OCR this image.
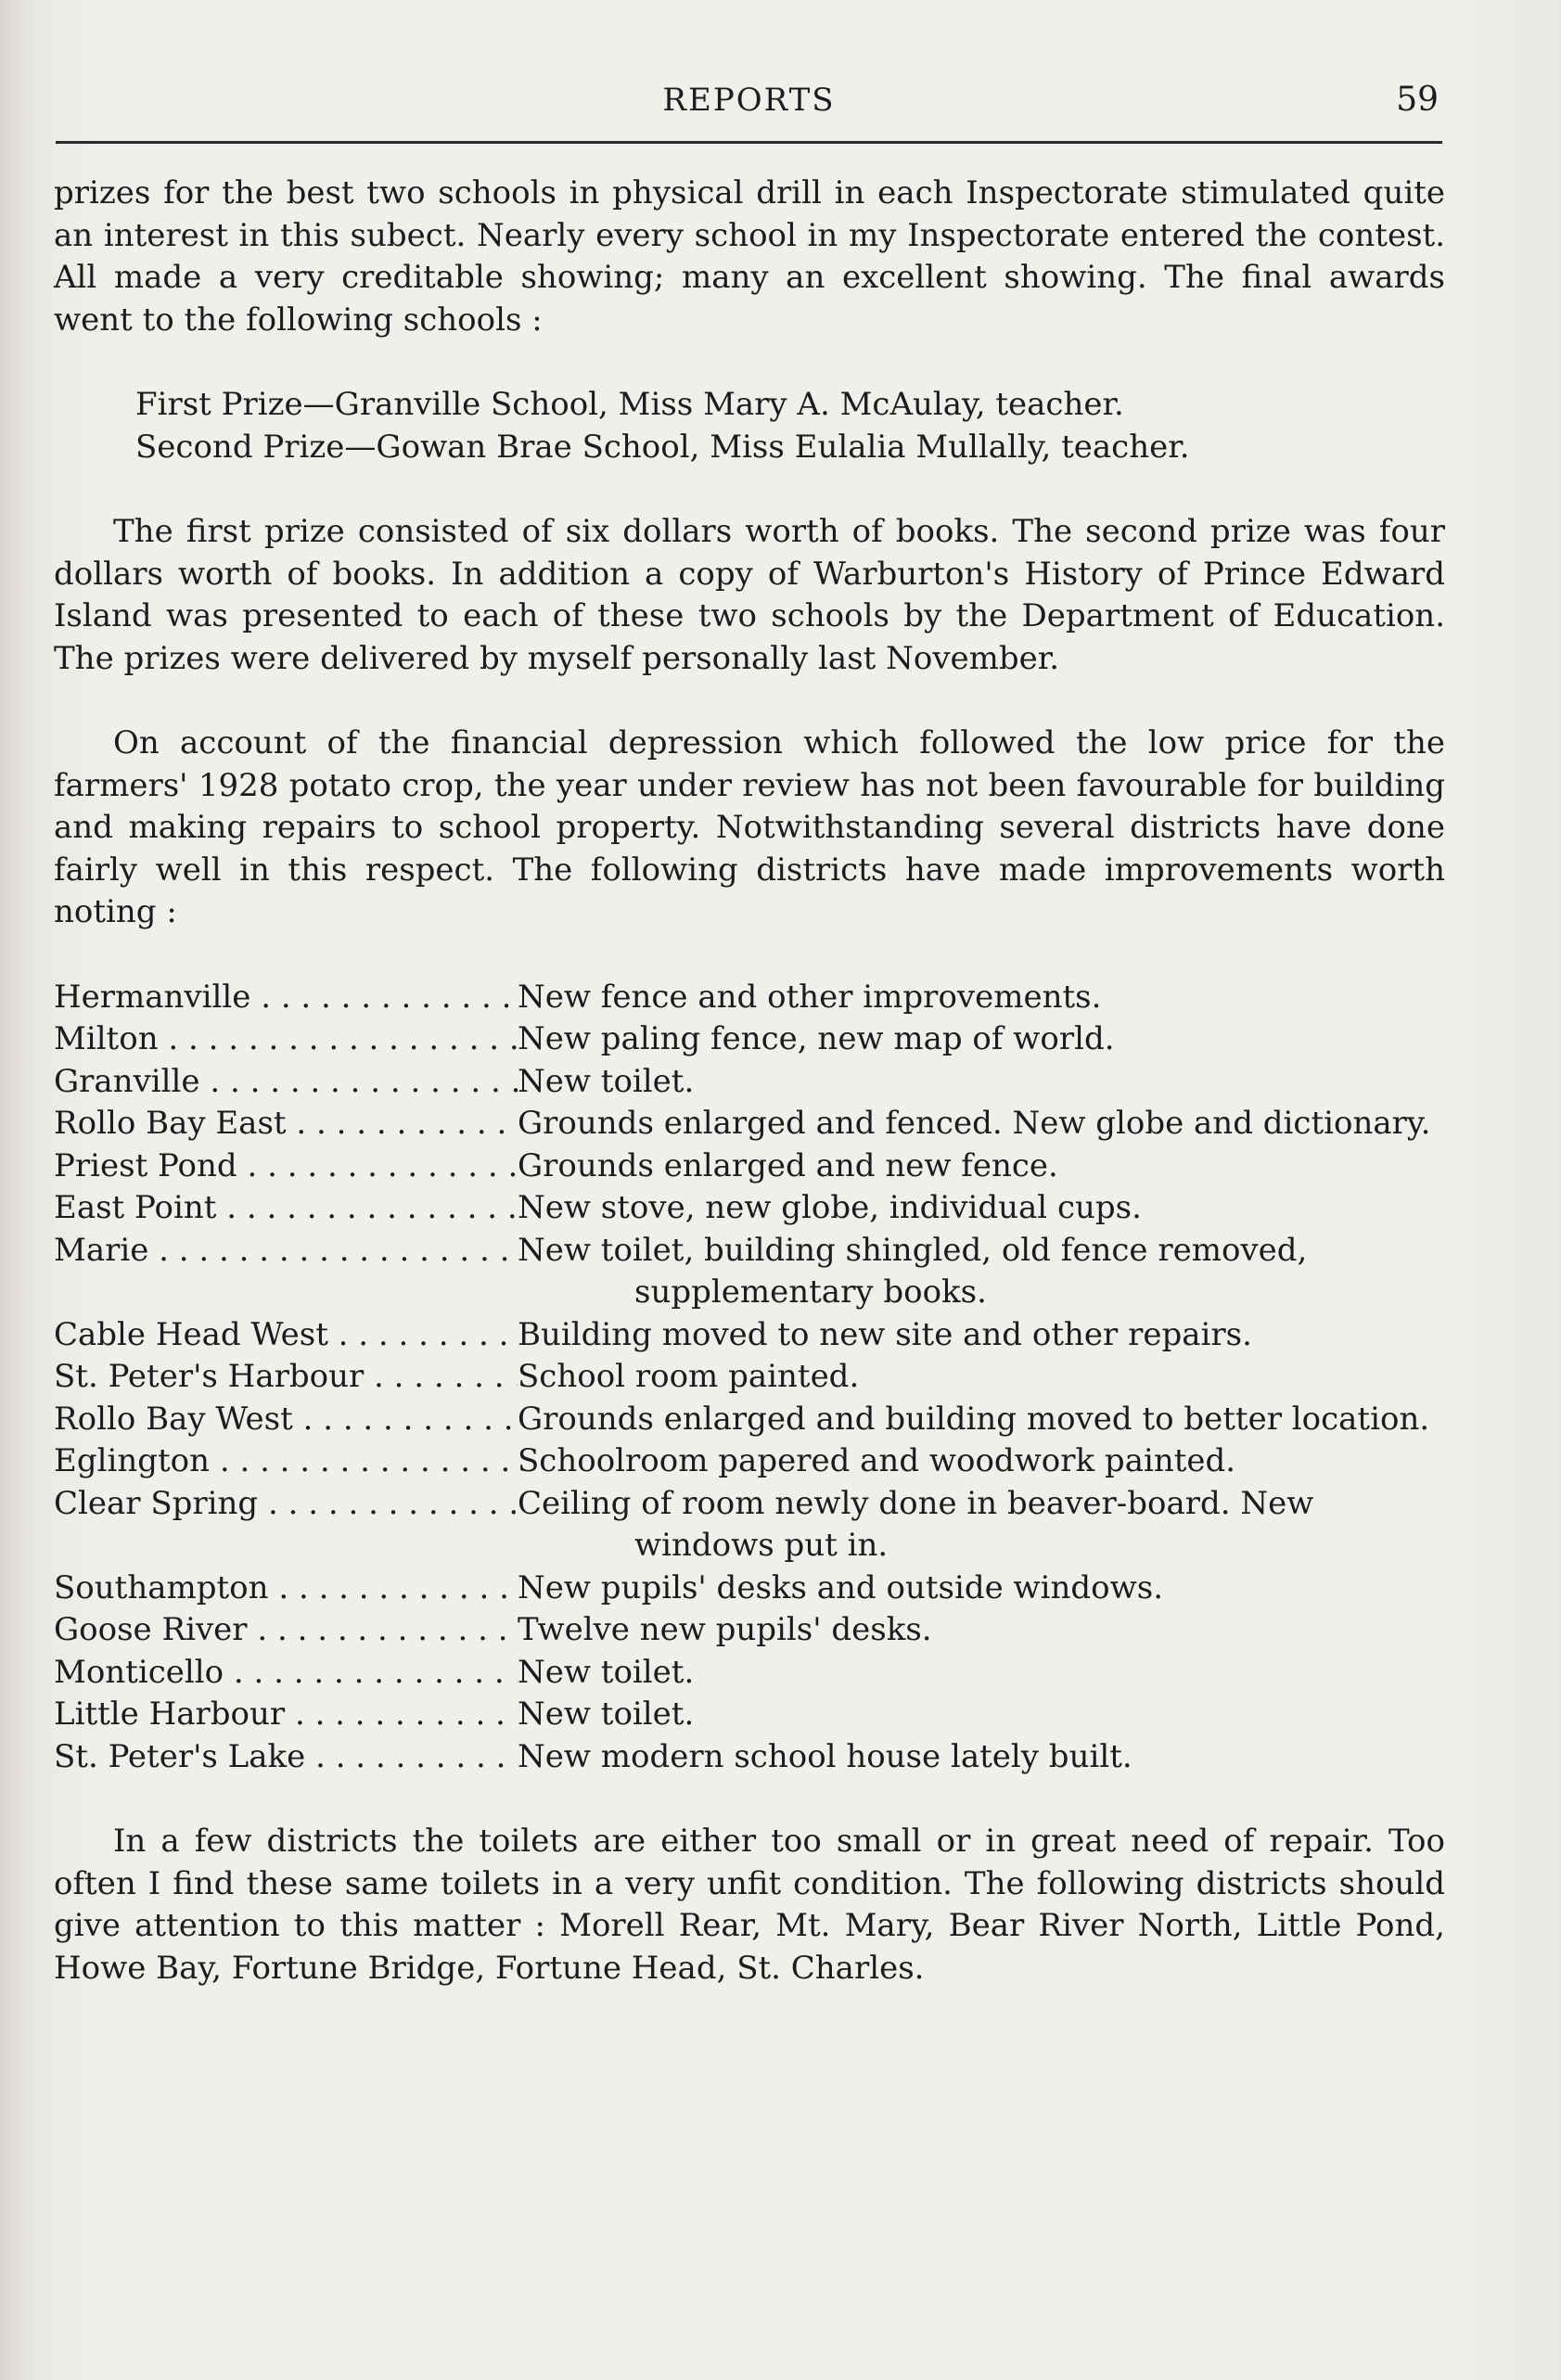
REPORTS	59

prizes for the best two schools in physical drill in each Inspectorate stimulated quite an interest in this subect. Nearly every school in my Inspectorate entered the contest. All made a very creditable showing; many an excellent showing. The final awards went to the following schools :

First Prize—Granville School, Miss Mary A. McAulay, teacher.

Second Prize—Gowan Brae School, Miss Eulalia Mullally, teacher.

The first prize consisted of six dollars worth of books. The second prize was four dollars worth of books. In addition a copy of Warburton's History of Prince Edward Island was presented to each of these two schools by the Department of Education. The prizes were delivered by myself personally last November.

On account of the financial depression which followed the low price for the farmers' 1928 potato crop, the year under review has not been favourable for building and making repairs to school property. Notwithstanding several districts have done fairly well in this respect. The following districts have made improvements worth noting :

Hermanville . . .	New fence and other improvements.
Milton . . .	New paling fence, new map of world.
Granville . . .	New toilet.
Rollo Bay East . . .	Grounds enlarged and fenced. New globe and dictionary.
Priest Pond . . .	Grounds enlarged and new fence.
East Point . . .	New stove, new globe, individual cups.
Marie . . .	New toilet, building shingled, old fence removed, supplementary books.
Cable Head West . . .	Building moved to new site and other repairs.
St. Peter's Harbour . . .	School room painted.
Rollo Bay West . . .	Grounds enlarged and building moved to better location.
Eglington . . .	Schoolroom papered and woodwork painted.
Clear Spring . . .	Ceiling of room newly done in beaver-board. New windows put in.
Southampton . . .	New pupils' desks and outside windows.
Goose River . . .	Twelve new pupils' desks.
Monticello . . .	New toilet.
Little Harbour . . .	New toilet.
St. Peter's Lake . . .	New modern school house lately built.

In a few districts the toilets are either too small or in great need of repair. Too often I find these same toilets in a very unfit condition. The following districts should give attention to this matter : Morell Rear, Mt. Mary, Bear River North, Little Pond, Howe Bay, Fortune Bridge, Fortune Head, St. Charles.
